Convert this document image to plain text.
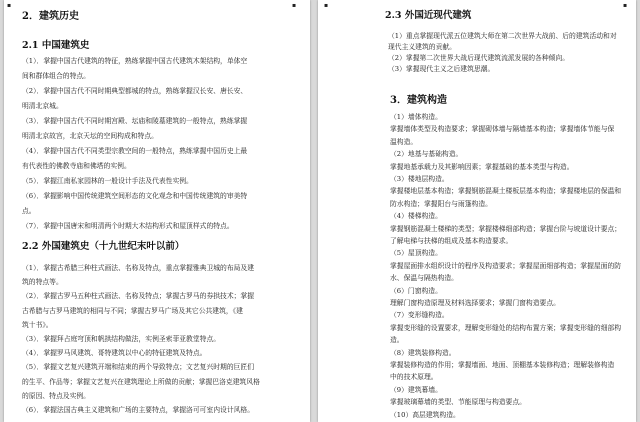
▪	▪
2．建筑历史
2.1 中国建筑史
（1）．掌握中国古代建筑的特征，熟练掌握中国古代建筑木架结构，单体空
间和群体组合的特点。
（2）．掌握中国古代不同时期典型都城的特点，熟练掌握汉长安、唐长安、
明清北京城。
（3）．掌握中国古代不同时期宫殿、坛庙和陵墓建筑的一般特点，熟练掌握
明清北京故宫，北京天坛的空间构成和特点。
（4）．掌握中国古代不同类型宗教空间的一般特点，熟练掌握中国历史上最
有代表性的佛教寺庙和佛塔的实例。
（5）．掌握江南私家园林的一般设计手法及代表性实例。
（6）．掌握影响中国传统建筑空间形态的文化观念和中国传统建筑的审美特
点。
（7）．掌握中国唐宋和明清两个时期大木结构形式和屋顶样式的特点。
2.2 外国建筑史（十九世纪末叶以前）
（1）．掌握古希腊三种柱式画法、名称及特点，重点掌握雅典卫城的布局及建
筑的特点等。
（2）．掌握古罗马五种柱式画法、名称及特点；掌握古罗马的券拱技术；掌握
古希腊与古罗马建筑的相同与不同；掌握古罗马广场及其它公共建筑，《建
筑十书》。
（3）．掌握拜占庭穹顶和帆拱结构做法，实例圣索菲亚教堂特点。
（4）．掌握罗马风建筑、哥特建筑以中心的特征建筑及特点。
（5）．掌握文艺复兴建筑开端和结束的两个导致特点；文艺复兴时期的巨匠们
的生平、作品等；掌握文艺复兴在建筑理论上所做的贡献；掌握巴洛克建筑风格
的原因、特点及实例。
（6）．掌握法国古典主义建筑和广场的主要特点，掌握洛可可室内设计风格。
▪	▪
2.3 外国近现代建筑
（1）重点掌握现代派五位建筑大师在第二次世界大战前、后的建筑活动和对
现代主义建筑的贡献。
（2）掌握第二次世界大战后现代建筑流派发展的各种倾向。
（3）掌握现代主义之后建筑思潮。
3．建筑构造
（1）墙体构造。
掌握墙体类型及构造要求；掌握砌体墙与隔墙基本构造；掌握墙体节能与保
温构造。
（2）地基与基础构造。
掌握地基承载力及其影响因素；掌握基础的基本类型与构造。
（3）楼地层构造。
掌握楼地层基本构造；掌握钢筋混凝土楼板层基本构造；掌握楼地层的保温和
防水构造；掌握阳台与雨篷构造。
（4）楼梯构造。
掌握钢筋混凝土楼梯的类型；掌握楼梯细部构造；掌握台阶与坡道设计要点；
了解电梯与扶梯的组成及基本构造要求。
（5）屋顶构造。
掌握屋面排水组织设计的程序及构造要求；掌握屋面细部构造；掌握屋面的防
水、保温与隔热构造。
（6）门窗构造。
理解门窗构造原理及材料选择要求；掌握门窗构造要点。
（7）变形缝构造。
掌握变形缝的设置要求，理解变形缝处的结构布置方案；掌握变形缝的细部构
造。
（8）建筑装修构造。
掌握装修构造的作用；掌握墙面、地面、顶棚基本装修构造；理解装修构造
中的技术原理。
（9）建筑幕墙。
掌握玻璃幕墙的类型、节能原理与构造要点。
（10）高层建筑构造。
